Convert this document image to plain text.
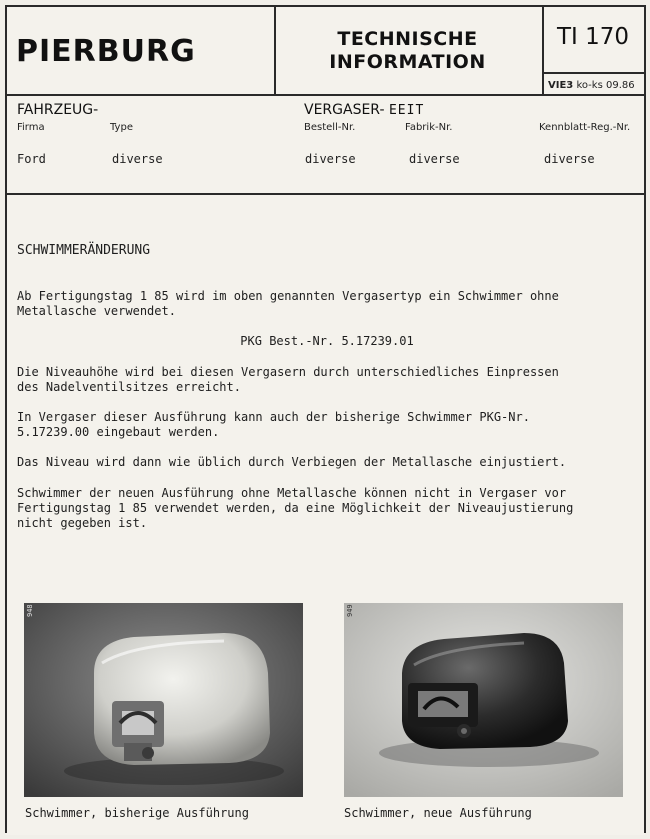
PIERBURG	TECHNISCHE
INFORMATION
TI 170
VIE3 ko-ks 09.86
FAHRZEUG-
Firma	Type
Ford	diverse
VERGASER- EEIT
Bestell-Nr.	Fabrik-Nr.	Kennblatt-Reg.-Nr.
diverse	diverse	diverse
SCHWIMMERÄNDERUNG
Ab Fertigungstag 1 85 wird im oben genannten Vergasertyp ein Schwimmer ohne
Metallasche verwendet.
PKG Best.-Nr. 5.17239.01
Die Niveauhöhe wird bei diesen Vergasern durch unterschiedliches Einpressen
des Nadelventilsitzes erreicht.
In Vergaser dieser Ausführung kann auch der bisherige Schwimmer PKG-Nr.
5.17239.00 eingebaut werden.
Das Niveau wird dann wie üblich durch Verbiegen der Metallasche einjustiert.
Schwimmer der neuen Ausführung ohne Metallasche können nicht in Vergaser vor
Fertigungstag 1 85 verwendet werden, da eine Möglichkeit der Niveaujustierung
nicht gegeben ist.
948
Schwimmer, bisherige Ausführung
949
Schwimmer, neue Ausführung
